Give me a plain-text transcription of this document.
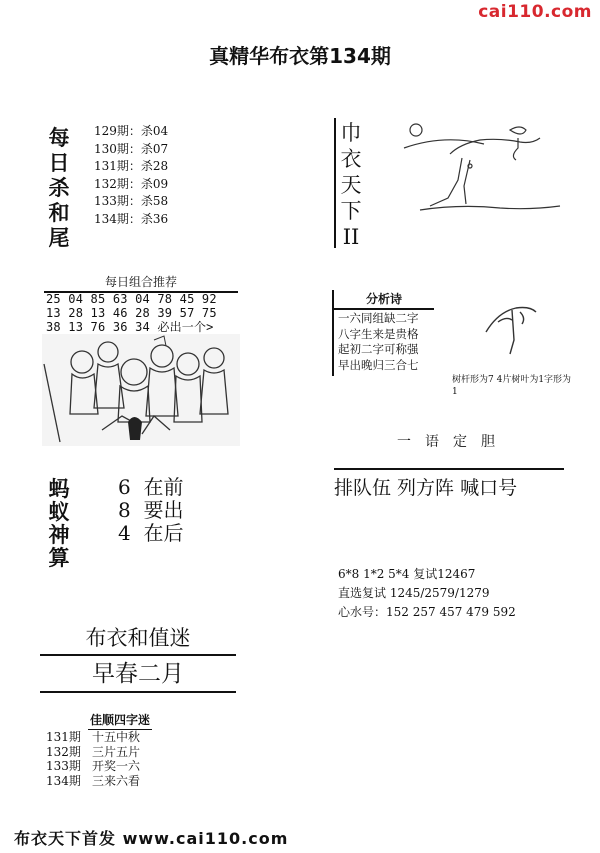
cai110.com
真精华布衣第134期
每
日
杀
和
尾
129期：杀04
130期：杀07
131期：杀28
132期：杀09
133期：杀58
134期：杀36
每日组合推荐
25 04 85 63 04 78 45 92
13 28 13 46 28 39 57 75
38 13 76 36 34 必出一个>
蚂
蚁
神
算
6  在前
8  要出
4  在后
布衣和值迷
早春二月
佳顺四字迷
131期 十五中秋
132期 三片五片
133期 开奖一六
134期 三来六看
布衣天下首发 www.cai110.com
巾
衣
天
下
II
分析诗
一六同组缺二字
八字生来是贵格
起初二字可称强
早出晚归三合七
树杆形为7 4片树叶为1字形为1
一语定胆
排队伍 列方阵 喊口号
6*8 1*2 5*4 复试12467
直选复试 1245/2579/1279
心水号：152 257 457 479 592
